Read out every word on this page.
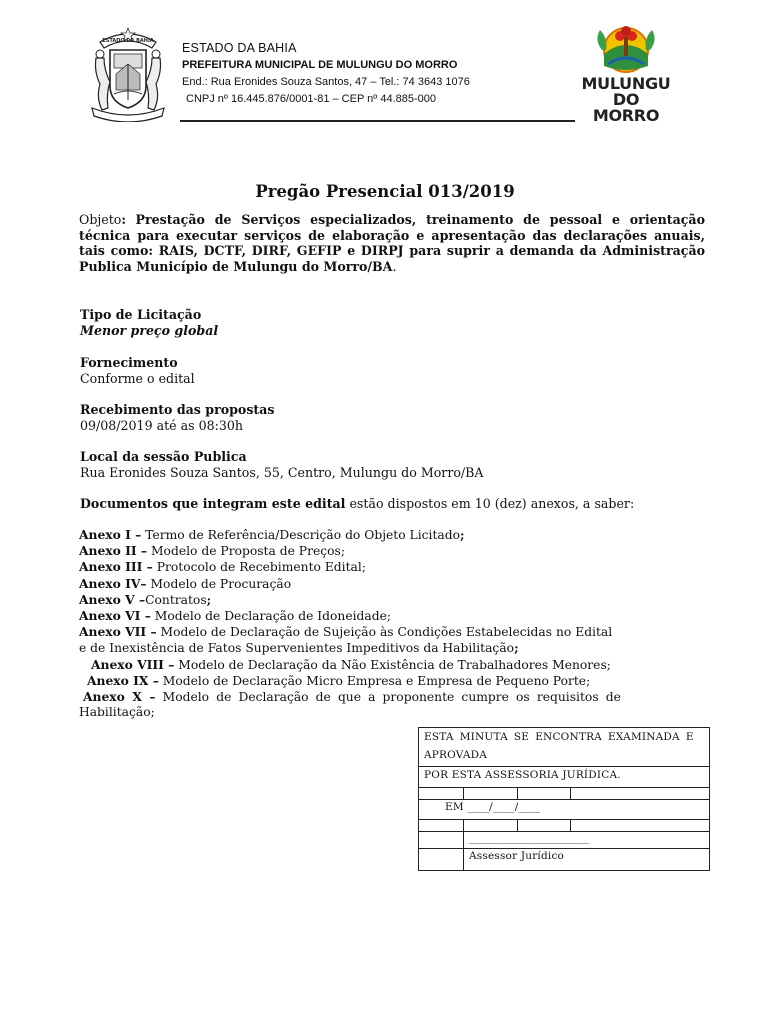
ESTADO DA BAHIA ESTADO DA BAHIA
PREFEITURA MUNICIPAL DE MULUNGU DO MORRO
End.: Rua Eronides Souza Santos, 47 – Tel.: 74 3643 1076
CNPJ nº 16.445.876/0001-81 – CEP nº 44.885-000
MULUNGU
DO MORRO
Pregão Presencial 013/2019
Objeto: Prestação de Serviços especializados, treinamento de pessoal e orientação técnica para executar serviços de elaboração e apresentação das declarações anuais, tais como: RAIS, DCTF, DIRF, GEFIP e DIRPJ para suprir a demanda da Administração Publica Município de Mulungu do Morro/BA.
Tipo de Licitação
Menor preço global
Fornecimento
Conforme o edital
Recebimento das propostas
09/08/2019 até as 08:30h
Local da sessão Publica
Rua Eronides Souza Santos, 55, Centro, Mulungu do Morro/BA
Documentos que integram este edital estão dispostos em 10 (dez) anexos, a saber:
Anexo I – Termo de Referência/Descrição do Objeto Licitado;
Anexo II – Modelo de Proposta de Preços;
Anexo III – Protocolo de Recebimento Edital;
Anexo IV– Modelo de Procuração
Anexo V –Contratos;
Anexo VI – Modelo de Declaração de Idoneidade;
Anexo VII – Modelo de Declaração de Sujeição às Condições Estabelecidas no Edital
e de Inexistência de Fatos Supervenientes Impeditivos da Habilitação;
Anexo VIII – Modelo de Declaração da Não Existência de Trabalhadores Menores;
Anexo IX – Modelo de Declaração Micro Empresa e Empresa de Pequeno Porte;
Anexo X – Modelo de Declaração de que a proponente cumpre os requisitos de
Habilitação;
ESTA MINUTA SE ENCONTRA EXAMINADA E
APROVADA
POR ESTA ASSESSORIA JURÍDICA.
EM ____/____/____
______________________
Assessor Jurídico
